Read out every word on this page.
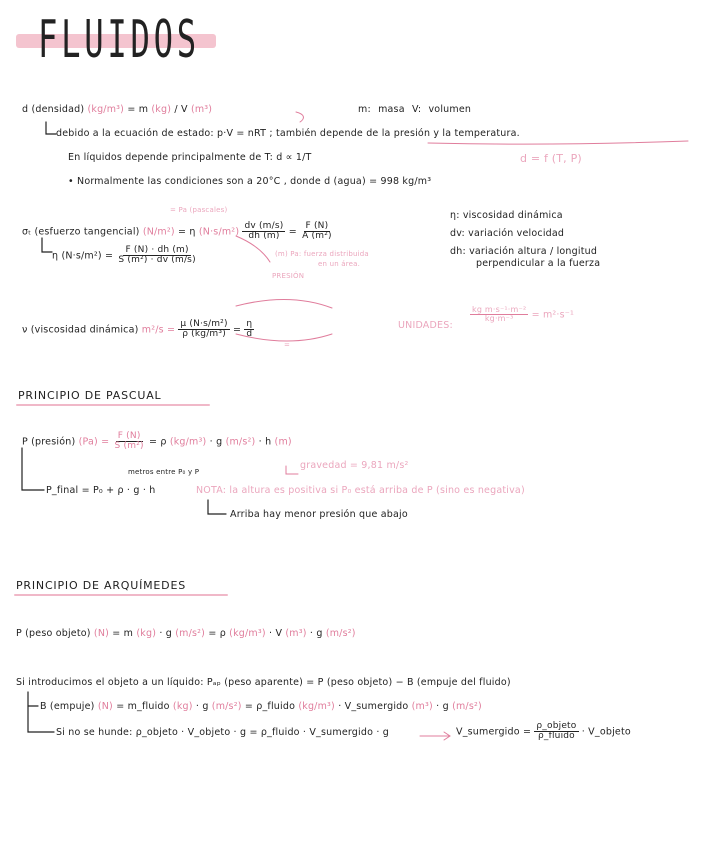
FLUIDOS
d (densidad) (kg/m³) = m (kg) / V (m³)	m: masa V: volumen
debido a la ecuación de estado: p·V = nRT ; también depende de la presión y la temperatura.
En líquidos depende principalmente de T: d ∝ 1/T	d = f (T, P)
• Normalmente las condiciones son a 20°C , donde d (agua) = 998 kg/m³
= Pa (pascales)
σₜ (esfuerzo tangencial) (N/m²) = η $(N\cdot s/m^2) \frac{dv (m/s)}{dh (m)} = \frac{F (N)}{\text{A (m²)}}$
η $(N\cdot s/m^2) = \frac{F (N) \cdot dh (m)}{\text{S (m²) · dv (m/s)}}$	(m) Pa: fuerza distribuida
en un área.
PRESIÓN
η: viscosidad dinámica
dv: variación velocidad
dh: variación altura / longitud
perpendicular a la fuerza
ν (viscosidad dinámica) $m^2/s = \frac{\text{μ (N·s/m²)}}{\text{ρ (kg/m³)}} = \frac{\eta}{d}$
=
UNIDADES:
$\frac{\text{kg m·s⁻¹·m⁻²}}{\text{kg·m⁻³}} = m^2\cdot s^{-1}$
PRINCIPIO DE PASCUAL
P (presión) $(Pa) = \frac{F (N)}{\text{S (m²)}} = \rho$ (kg/m³) · g (m/s²) · h (m)
gravedad = 9,81 m/s²
metros entre P₀ y P
P_final = P₀ + ρ · g · h	NOTA: la altura es positiva si P₀ está arriba de P (sino es negativa)
Arriba hay menor presión que abajo
PRINCIPIO DE ARQUÍMEDES
P (peso objeto) (N) = m (kg) · g (m/s²) = ρ (kg/m³) · V (m³) · g (m/s²)
Si introducimos el objeto a un líquido: Pₐₚ (peso aparente) = P (peso objeto) − B (empuje del fluido)
B (empuje) (N) = m_fluido (kg) · g (m/s²) = ρ_fluido (kg/m³) · V_sumergido (m³) · g (m/s²)
Si no se hunde: ρ_objeto · V_objeto · g = ρ_fluido · V_sumergido · g	V_sumergido = $\frac{\text{ρ\_objeto}}{\text{ρ\_fluido}}$ · V_objeto
